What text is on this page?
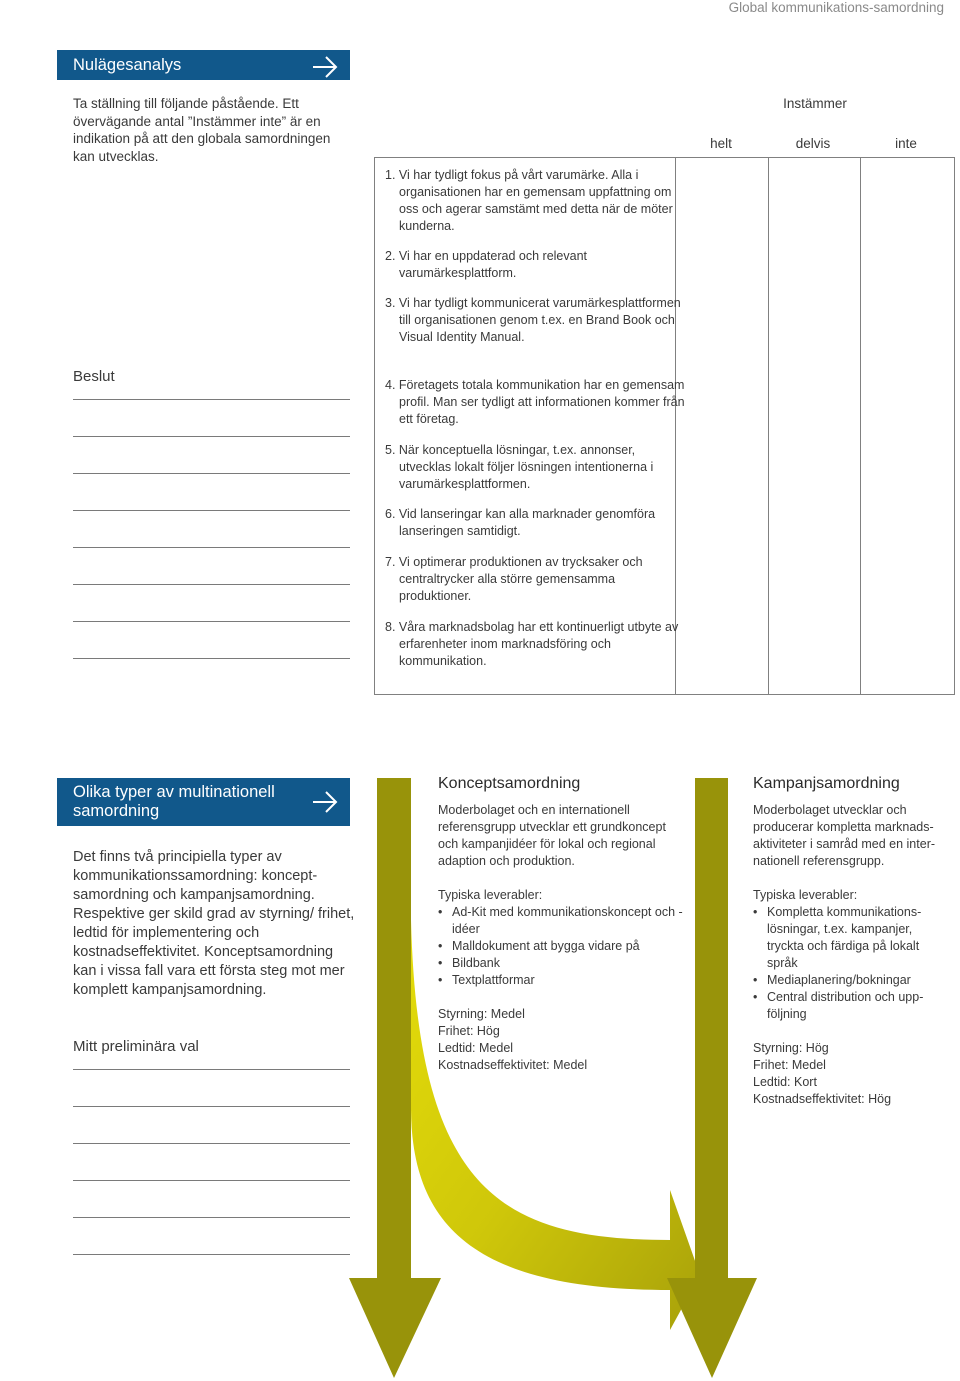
Global kommunikations-samordning
Nulägesanalys
Ta ställning till följande påstående. Ett övervägande antal ”Instämmer inte” är en indikation på att den globala samordningen kan utvecklas.
Beslut
Instämmer
helt	delvis	inte
1. Vi har tydligt fokus på vårt varumärke. Alla i organisationen har en gemensam uppfattning om oss och agerar samstämt med detta när de möter kunderna.
2. Vi har en uppdaterad och relevant varumärkesplattform.
3. Vi har tydligt kommunicerat varumärkesplattformen till organisationen genom t.ex. en Brand Book och Visual Identity Manual.
4. Företagets totala kommunikation har en gemensam profil. Man ser tydligt att informationen kommer från ett företag.
5. När konceptuella lösningar, t.ex. annonser, utvecklas lokalt följer lösningen intentionerna i varumärkesplattformen.
6. Vid lanseringar kan alla marknader genomföra lanseringen samtidigt.
7. Vi optimerar produktionen av trycksaker och centraltrycker alla större gemensamma produktioner.
8. Våra marknadsbolag har ett kontinuerligt utbyte av erfarenheter inom marknadsföring och kommunikation.
Olika typer av multinationell samordning
Det finns två principiella typer av kommunikationssamordning: konceptsamordning och kampanjsamordning. Respektive ger skild grad av styrning/ frihet, ledtid för implementering och kostnadseffektivitet. Konceptsamordning kan i vissa fall vara ett första steg mot mer komplett kampanjsamordning.
Mitt preliminära val
Konceptsamordning
Moderbolaget och en internationell referensgrupp utvecklar ett grundkoncept och kampanjidéer för lokal och regional adaption och produktion.
Typiska leverabler:
• Ad-Kit med kommunikationskoncept och -idéer
• Malldokument att bygga vidare på
• Bildbank
• Textplattformar
Styrning: Medel
Frihet: Hög
Ledtid: Medel
Kostnadseffektivitet: Medel
Kampanjsamordning
Moderbolaget utvecklar och producerar kompletta marknadsaktiviteter i samråd med en internationell referensgrupp.
Typiska leverabler:
• Kompletta kommunikationslösningar, t.ex. kampanjer, tryckta och färdiga på lokalt språk
• Mediaplanering/bokningar
• Central distribution och uppföljning
Styrning: Hög
Frihet: Medel
Ledtid: Kort
Kostnadseffektivitet: Hög
